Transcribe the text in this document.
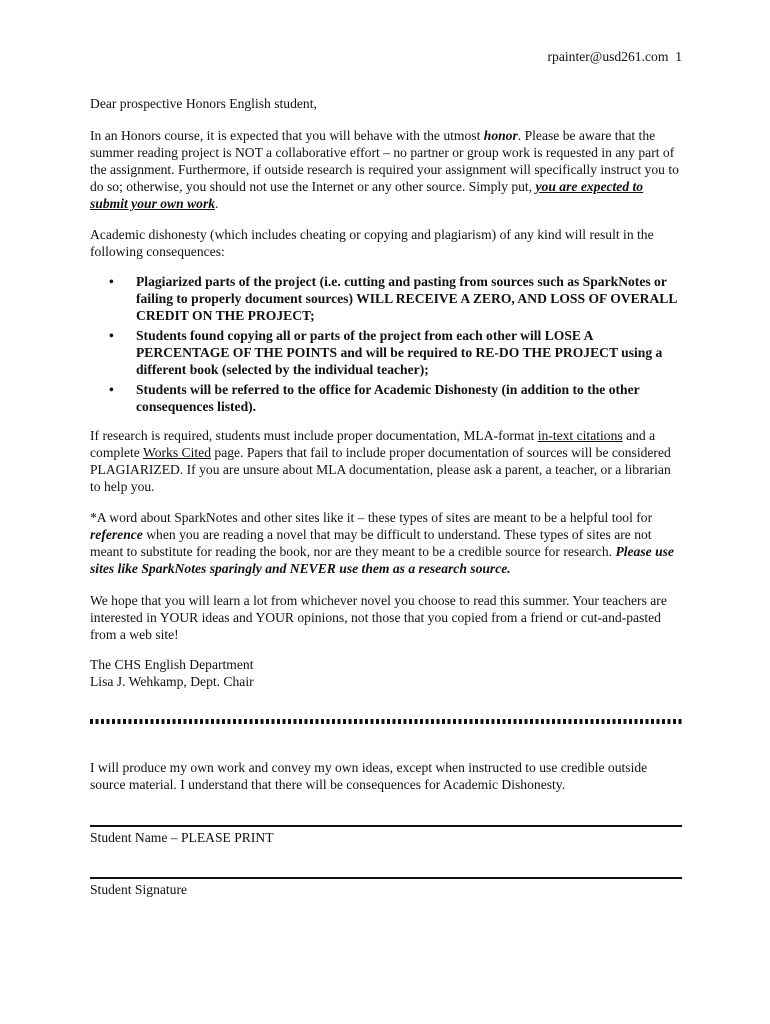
rpainter@usd261.com 1
Dear prospective Honors English student,
In an Honors course, it is expected that you will behave with the utmost honor. Please be aware that the summer reading project is NOT a collaborative effort – no partner or group work is requested in any part of the assignment. Furthermore, if outside research is required your assignment will specifically instruct you to do so; otherwise, you should not use the Internet or any other source. Simply put, you are expected to submit your own work.
Academic dishonesty (which includes cheating or copying and plagiarism) of any kind will result in the following consequences:
• Plagiarized parts of the project (i.e. cutting and pasting from sources such as SparkNotes or failing to properly document sources) WILL RECEIVE A ZERO, AND LOSS OF OVERALL CREDIT ON THE PROJECT;
• Students found copying all or parts of the project from each other will LOSE A PERCENTAGE OF THE POINTS and will be required to RE-DO THE PROJECT using a different book (selected by the individual teacher);
• Students will be referred to the office for Academic Dishonesty (in addition to the other consequences listed).
If research is required, students must include proper documentation, MLA-format in-text citations and a complete Works Cited page. Papers that fail to include proper documentation of sources will be considered PLAGIARIZED. If you are unsure about MLA documentation, please ask a parent, a teacher, or a librarian to help you.
*A word about SparkNotes and other sites like it – these types of sites are meant to be a helpful tool for reference when you are reading a novel that may be difficult to understand. These types of sites are not meant to substitute for reading the book, nor are they meant to be a credible source for research. Please use sites like SparkNotes sparingly and NEVER use them as a research source.
We hope that you will learn a lot from whichever novel you choose to read this summer. Your teachers are interested in YOUR ideas and YOUR opinions, not those that you copied from a friend or cut-and-pasted from a web site!
The CHS English Department
Lisa J. Wehkamp, Dept. Chair
I will produce my own work and convey my own ideas, except when instructed to use credible outside source material. I understand that there will be consequences for Academic Dishonesty.
Student Name – PLEASE PRINT
Student Signature
